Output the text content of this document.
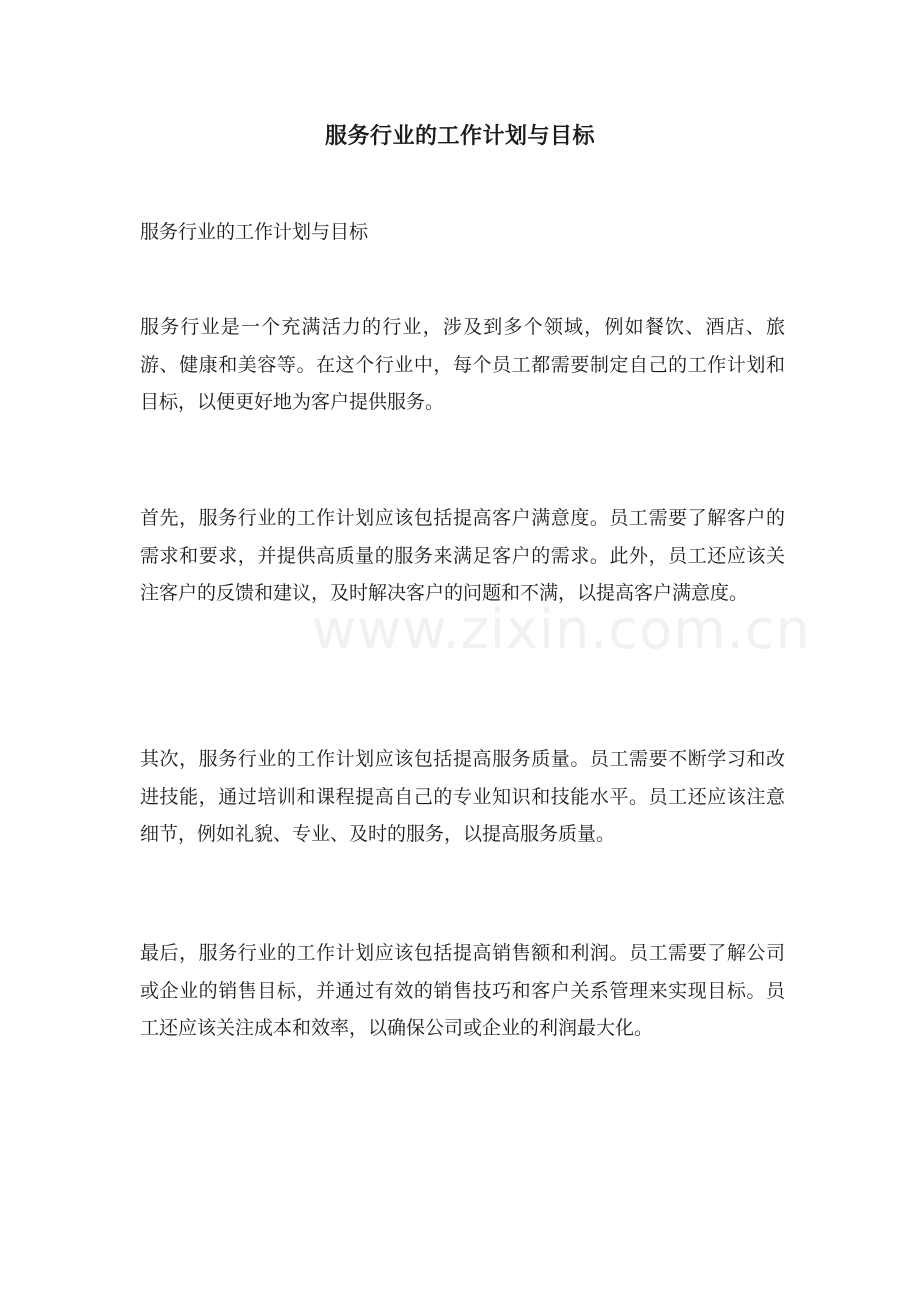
服务行业的工作计划与目标
服务行业的工作计划与目标

服务行业是一个充满活力的行业，涉及到多个领域，例如餐饮、酒店、旅游、健康和美容等。在这个行业中，每个员工都需要制定自己的工作计划和目标，以便更好地为客户提供服务。

首先，服务行业的工作计划应该包括提高客户满意度。员工需要了解客户的需求和要求，并提供高质量的服务来满足客户的需求。此外，员工还应该关注客户的反馈和建议，及时解决客户的问题和不满，以提高客户满意度。

其次，服务行业的工作计划应该包括提高服务质量。员工需要不断学习和改进技能，通过培训和课程提高自己的专业知识和技能水平。员工还应该注意细节，例如礼貌、专业、及时的服务，以提高服务质量。

最后，服务行业的工作计划应该包括提高销售额和利润。员工需要了解公司或企业的销售目标，并通过有效的销售技巧和客户关系管理来实现目标。员工还应该关注成本和效率，以确保公司或企业的利润最大化。

www.zixin.com.cn
